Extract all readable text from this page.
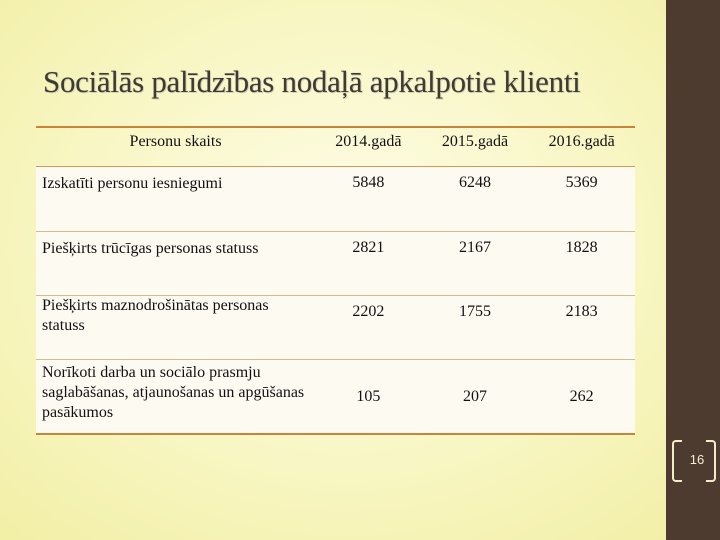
Sociālās palīdzības nodaļā apkalpotie klienti
Personu skaits	2014.gadā	2015.gadā	2016.gadā
Izskatīti personu iesniegumi	5848	6248	5369
Piešķirts trūcīgas personas statuss	2821	2167	1828
Piešķirts maznodrošinātas personas statuss	2202	1755	2183
Norīkoti darba un sociālo prasmju saglabāšanas, atjaunošanas un apgūšanas pasākumos	105	207	262
16
